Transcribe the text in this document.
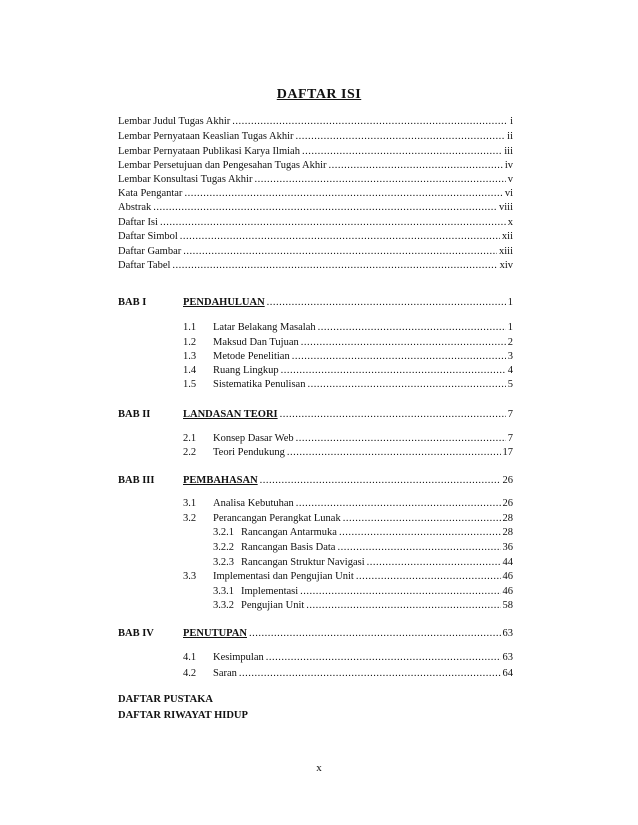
DAFTAR ISI
Lembar Judul Tugas Akhir .....	i
Lembar Pernyataan Keaslian Tugas Akhir .....	ii
Lembar Pernyataan Publikasi Karya Ilmiah .....	iii
Lembar Persetujuan dan Pengesahan Tugas Akhir .....	iv
Lembar Konsultasi Tugas Akhir .....	v
Kata Pengantar .....	vi
Abstrak .....	viii
Daftar Isi .....	x
Daftar Simbol .....	xii
Daftar Gambar .....	xiii
Daftar Tabel .....	xiv
BAB I	PENDAHULUAN .....	1
1.1	Latar Belakang Masalah .....	1
1.2	Maksud Dan Tujuan .....	2
1.3	Metode Penelitian .....	3
1.4	Ruang Lingkup .....	4
1.5	Sistematika Penulisan .....	5
BAB II	LANDASAN TEORI .....	7
2.1	Konsep Dasar Web .....	7
2.2	Teori Pendukung .....	17
BAB III	PEMBAHASAN .....	26
3.1	Analisa Kebutuhan .....	26
3.2	Perancangan Perangkat Lunak .....	28
3.2.1 Rancangan Antarmuka .....	28
3.2.2 Rancangan Basis Data .....	36
3.2.3 Rancangan Struktur Navigasi .....	44
3.3	Implementasi dan Pengujian Unit .....	46
3.3.1 Implementasi .....	46
3.3.2 Pengujian Unit .....	58
BAB IV	PENUTUPAN .....	63
4.1	Kesimpulan .....	63
4.2	Saran .....	64
DAFTAR PUSTAKA
DAFTAR RIWAYAT HIDUP
x
